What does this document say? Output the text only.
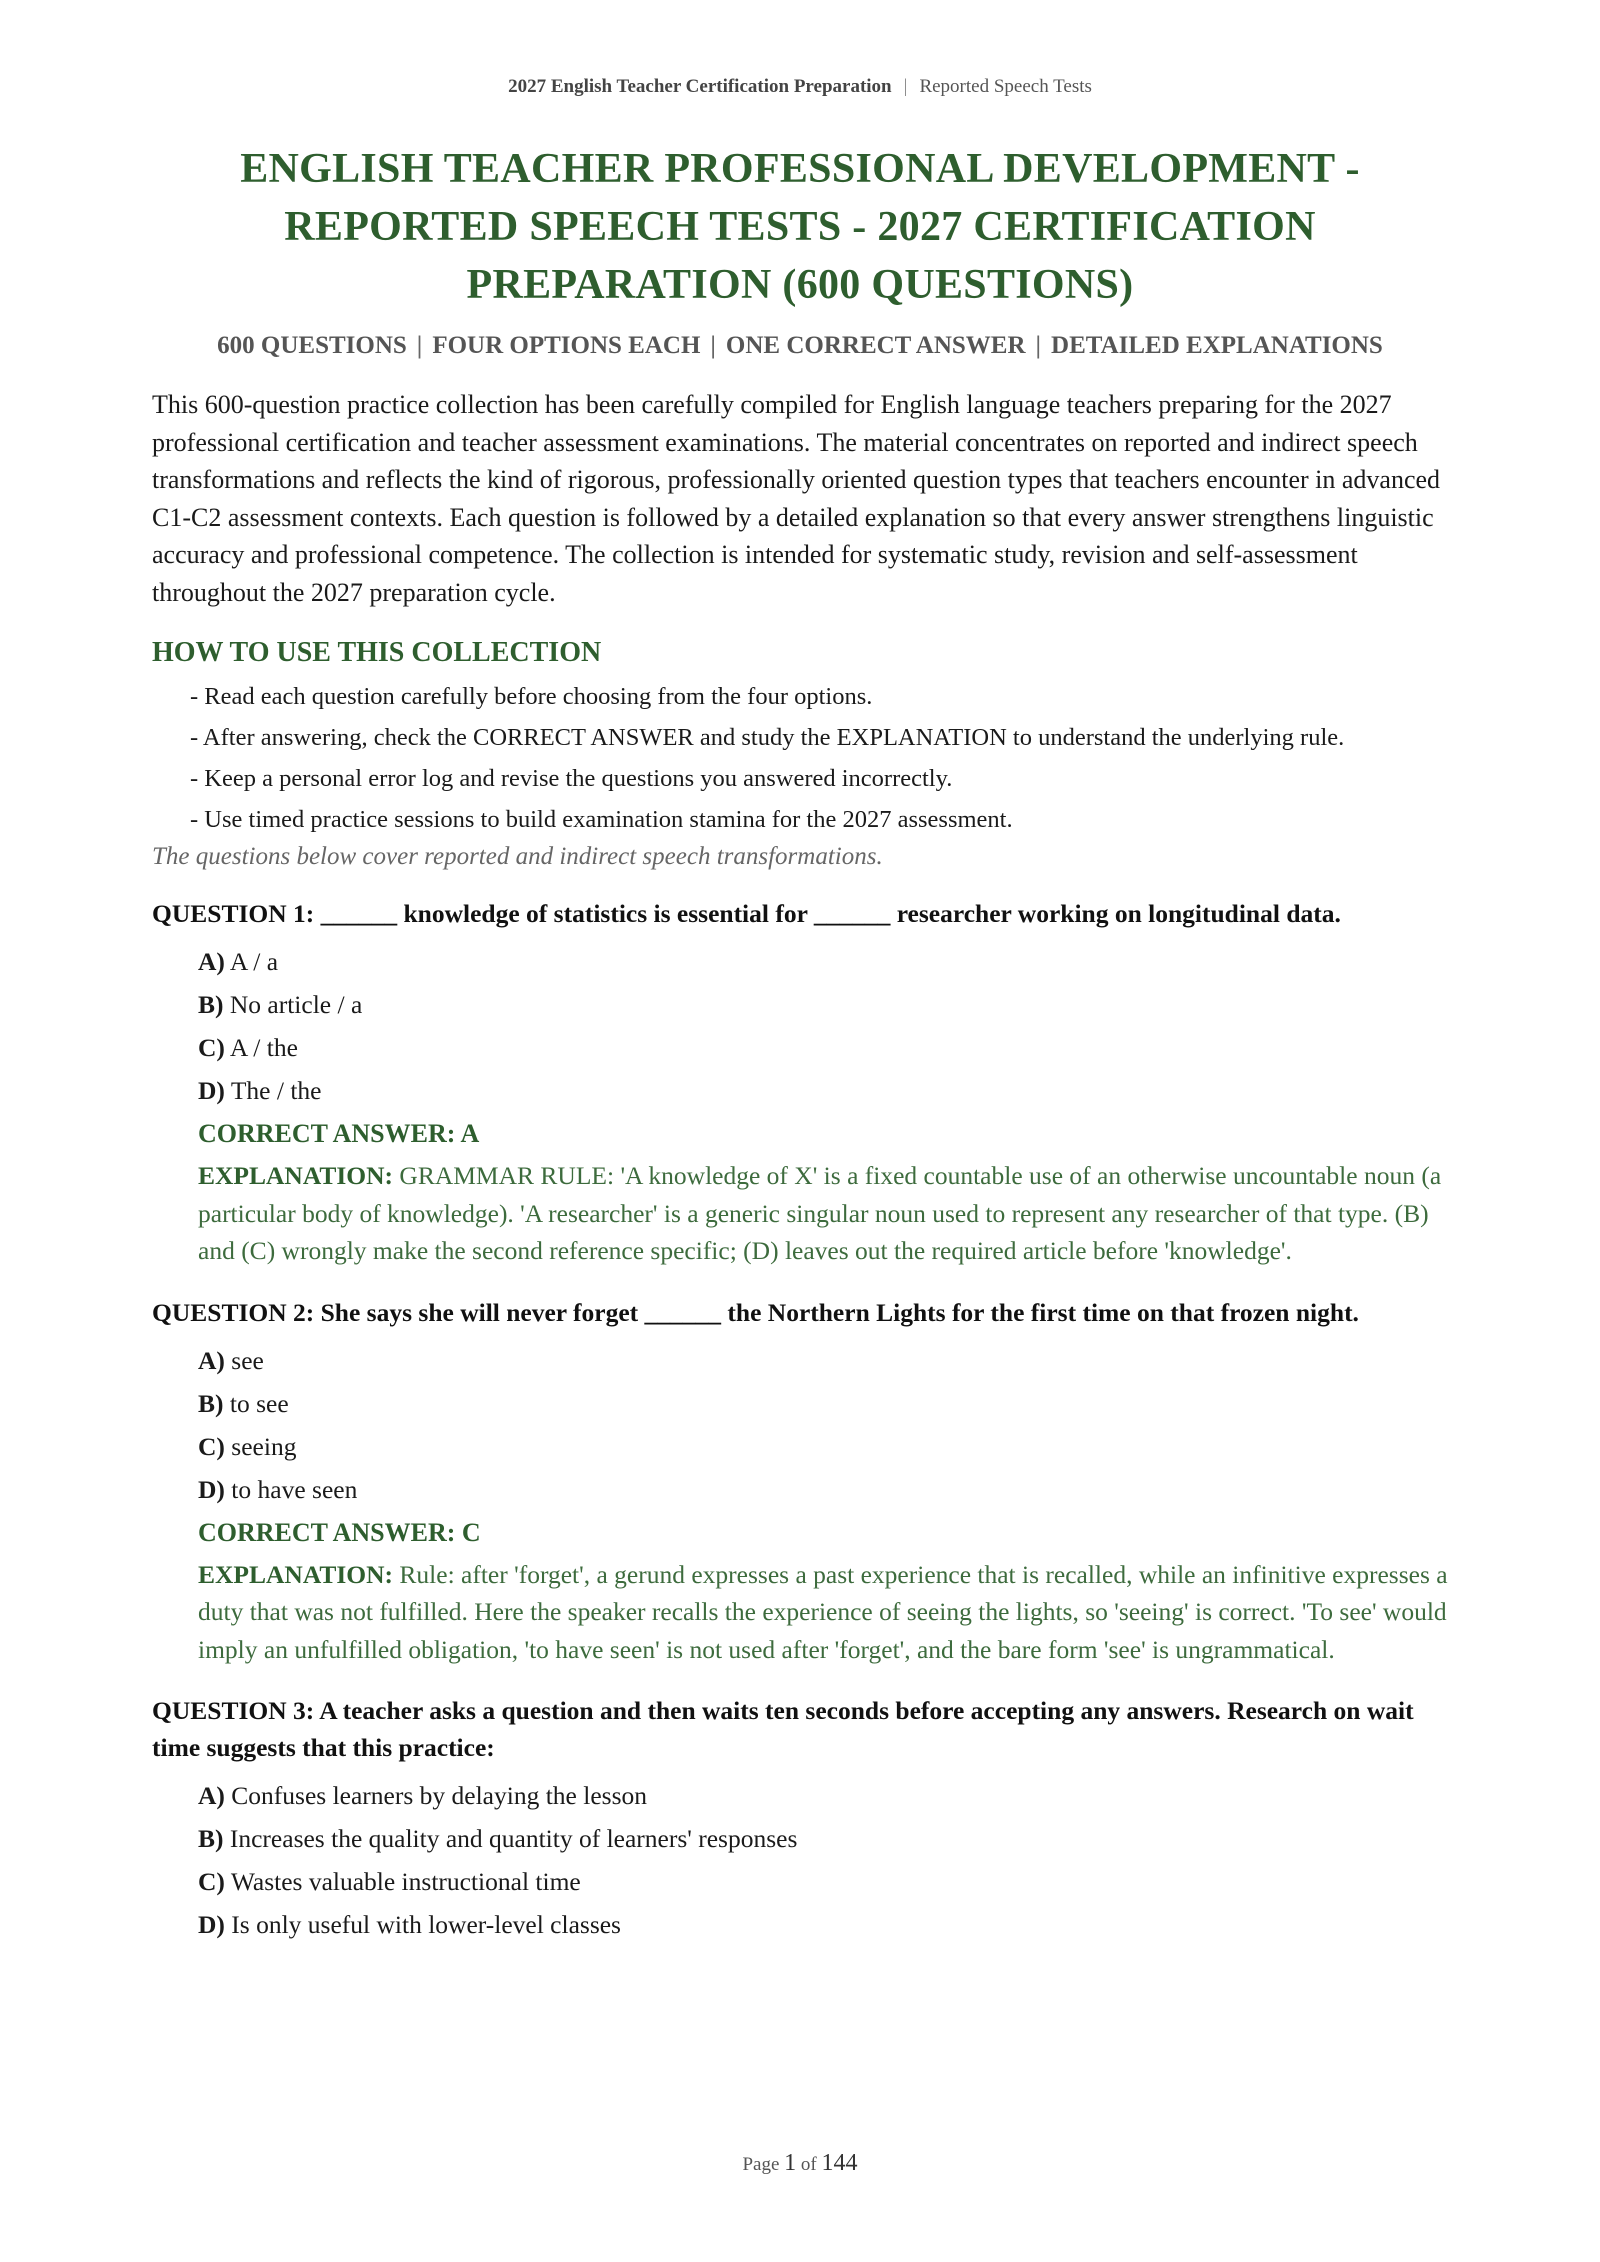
2027 English Teacher Certification Preparation | Reported Speech Tests
ENGLISH TEACHER PROFESSIONAL DEVELOPMENT -
REPORTED SPEECH TESTS - 2027 CERTIFICATION
PREPARATION (600 QUESTIONS)
600 QUESTIONS | FOUR OPTIONS EACH | ONE CORRECT ANSWER | DETAILED EXPLANATIONS

This 600-question practice collection has been carefully compiled for English language teachers preparing for the 2027 professional certification and teacher assessment examinations. The material concentrates on reported and indirect speech transformations and reflects the kind of rigorous, professionally oriented question types that teachers encounter in advanced C1-C2 assessment contexts. Each question is followed by a detailed explanation so that every answer strengthens linguistic accuracy and professional competence. The collection is intended for systematic study, revision and self-assessment throughout the 2027 preparation cycle.

HOW TO USE THIS COLLECTION
- Read each question carefully before choosing from the four options.
- After answering, check the CORRECT ANSWER and study the EXPLANATION to understand the underlying rule.
- Keep a personal error log and revise the questions you answered incorrectly.
- Use timed practice sessions to build examination stamina for the 2027 assessment.
The questions below cover reported and indirect speech transformations.
QUESTION 1: ______ knowledge of statistics is essential for ______ researcher working on longitudinal data.
A) A / a
B) No article / a
C) A / the
D) The / the
CORRECT ANSWER: A
EXPLANATION: GRAMMAR RULE: 'A knowledge of X' is a fixed countable use of an otherwise uncountable noun (a particular body of knowledge). 'A researcher' is a generic singular noun used to represent any researcher of that type. (B) and (C) wrongly make the second reference specific; (D) leaves out the required article before 'knowledge'.
QUESTION 2: She says she will never forget ______ the Northern Lights for the first time on that frozen night.
A) see
B) to see
C) seeing
D) to have seen
CORRECT ANSWER: C
EXPLANATION: Rule: after 'forget', a gerund expresses a past experience that is recalled, while an infinitive expresses a duty that was not fulfilled. Here the speaker recalls the experience of seeing the lights, so 'seeing' is correct. 'To see' would imply an unfulfilled obligation, 'to have seen' is not used after 'forget', and the bare form 'see' is ungrammatical.
QUESTION 3: A teacher asks a question and then waits ten seconds before accepting any answers. Research on wait time suggests that this practice:
A) Confuses learners by delaying the lesson
B) Increases the quality and quantity of learners' responses
C) Wastes valuable instructional time
D) Is only useful with lower-level classes
Page 1 of 144
